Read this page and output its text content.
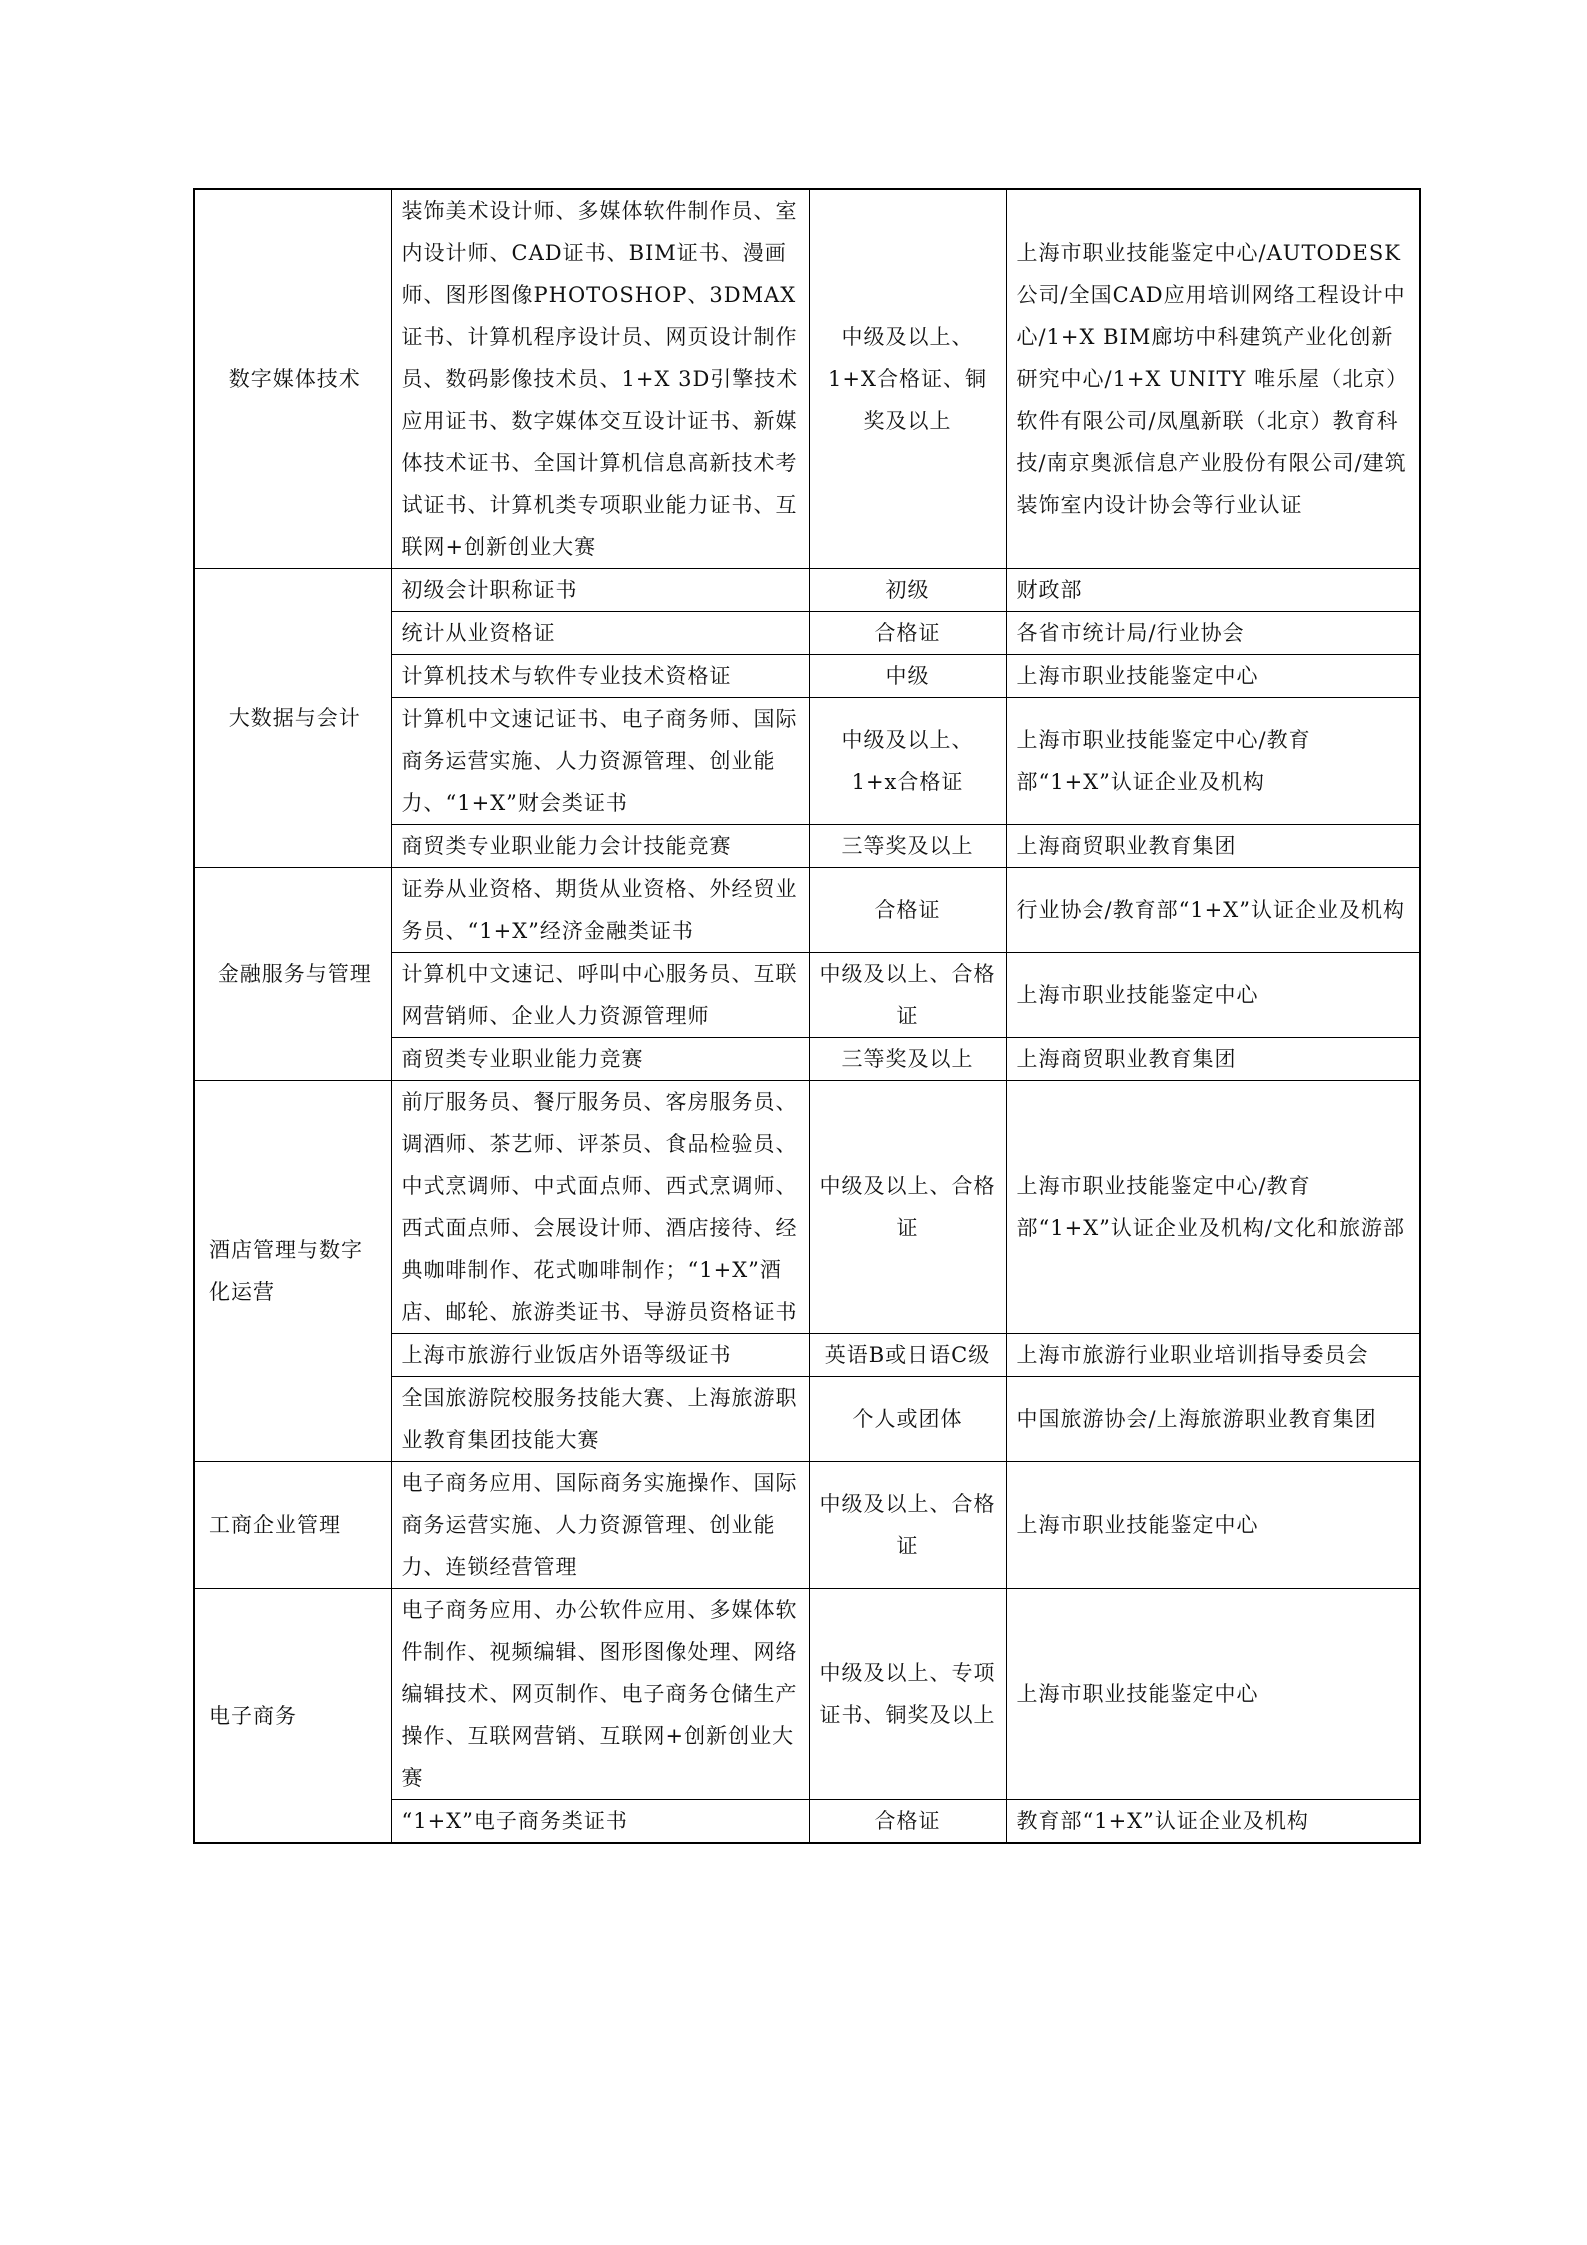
数字媒体技术	装饰美术设计师、多媒体软件制作员、室内设计师、CAD证书、BIM证书、漫画师、图形图像PHOTOSHOP、3DMAX证书、计算机程序设计员、网页设计制作员、数码影像技术员、1+X 3D引擎技术应用证书、数字媒体交互设计证书、新媒体技术证书、全国计算机信息高新技术考试证书、计算机类专项职业能力证书、互联网+创新创业大赛	中级及以上、1+X合格证、铜奖及以上	上海市职业技能鉴定中心/AUTODESK公司/全国CAD应用培训网络工程设计中心/1+X BIM廊坊中科建筑产业化创新研究中心/1+X UNITY 唯乐屋（北京）软件有限公司/凤凰新联（北京）教育科技/南京奥派信息产业股份有限公司/建筑装饰室内设计协会等行业认证
大数据与会计	初级会计职称证书	初级	财政部
	统计从业资格证	合格证	各省市统计局/行业协会
	计算机技术与软件专业技术资格证	中级	上海市职业技能鉴定中心
	计算机中文速记证书、电子商务师、国际商务运营实施、人力资源管理、创业能力、“1+X”财会类证书	中级及以上、1+x合格证	上海市职业技能鉴定中心/教育部“1+X”认证企业及机构
	商贸类专业职业能力会计技能竞赛	三等奖及以上	上海商贸职业教育集团
金融服务与管理	证券从业资格、期货从业资格、外经贸业务员、“1+X”经济金融类证书	合格证	行业协会/教育部“1+X”认证企业及机构
	计算机中文速记、呼叫中心服务员、互联网营销师、企业人力资源管理师	中级及以上、合格证	上海市职业技能鉴定中心
	商贸类专业职业能力竞赛	三等奖及以上	上海商贸职业教育集团
酒店管理与数字化运营	前厅服务员、餐厅服务员、客房服务员、调酒师、茶艺师、评茶员、食品检验员、中式烹调师、中式面点师、西式烹调师、西式面点师、会展设计师、酒店接待、经典咖啡制作、花式咖啡制作；“1+X”酒店、邮轮、旅游类证书、导游员资格证书	中级及以上、合格证	上海市职业技能鉴定中心/教育部“1+X”认证企业及机构/文化和旅游部
	上海市旅游行业饭店外语等级证书	英语B或日语C级	上海市旅游行业职业培训指导委员会
	全国旅游院校服务技能大赛、上海旅游职业教育集团技能大赛	个人或团体	中国旅游协会/上海旅游职业教育集团
工商企业管理	电子商务应用、国际商务实施操作、国际商务运营实施、人力资源管理、创业能力、连锁经营管理	中级及以上、合格证	上海市职业技能鉴定中心
电子商务	电子商务应用、办公软件应用、多媒体软件制作、视频编辑、图形图像处理、网络编辑技术、网页制作、电子商务仓储生产操作、互联网营销、互联网+创新创业大赛	中级及以上、专项证书、铜奖及以上	上海市职业技能鉴定中心
	“1+X”电子商务类证书	合格证	教育部“1+X”认证企业及机构
